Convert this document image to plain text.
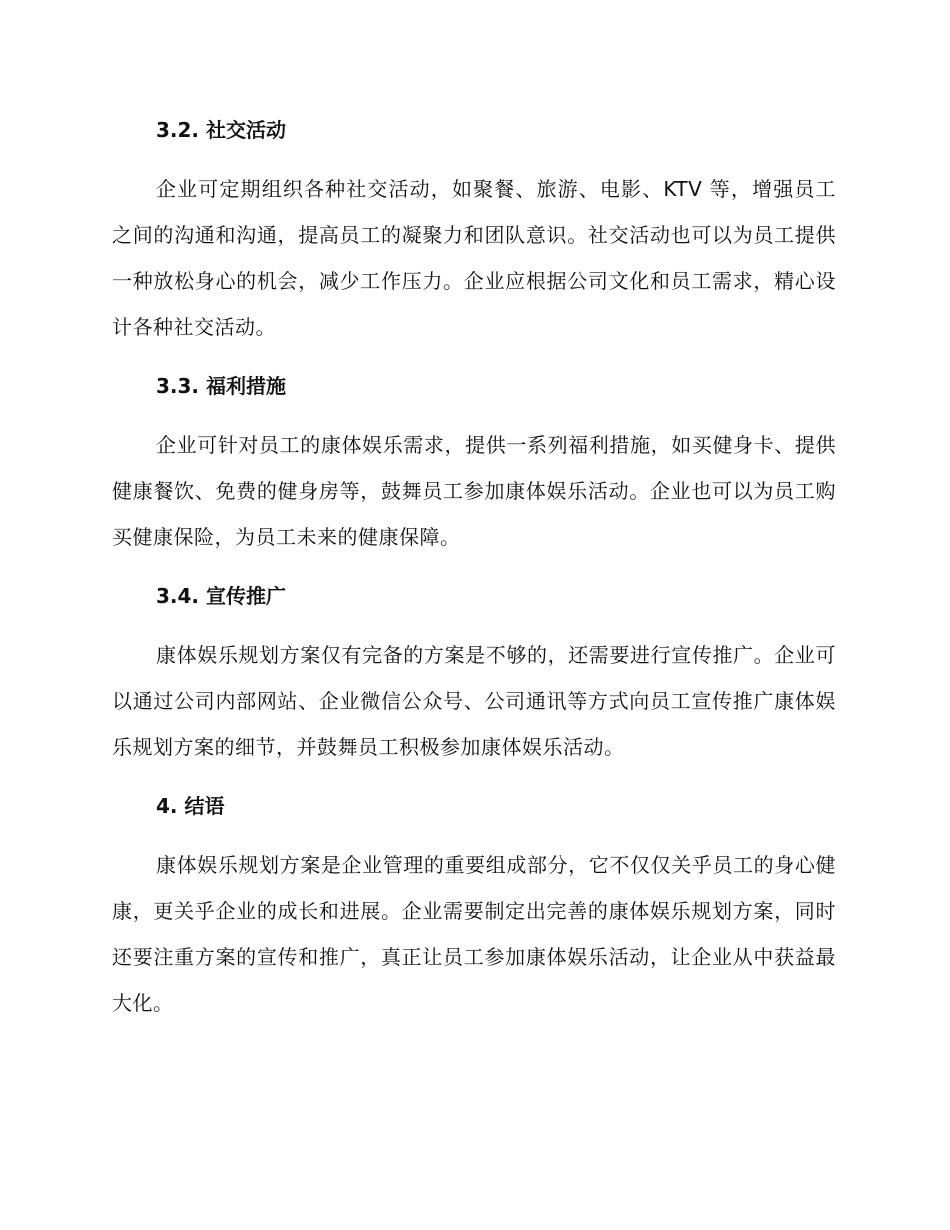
3.2. 社交活动

企业可定期组织各种社交活动，如聚餐、旅游、电影、KTV 等，增强员工之间的沟通和沟通，提高员工的凝聚力和团队意识。社交活动也可以为员工提供一种放松身心的机会，减少工作压力。企业应根据公司文化和员工需求，精心设计各种社交活动。

3.3. 福利措施

企业可针对员工的康体娱乐需求，提供一系列福利措施，如买健身卡、提供健康餐饮、免费的健身房等，鼓舞员工参加康体娱乐活动。企业也可以为员工购买健康保险，为员工未来的健康保障。

3.4. 宣传推广

康体娱乐规划方案仅有完备的方案是不够的，还需要进行宣传推广。企业可以通过公司内部网站、企业微信公众号、公司通讯等方式向员工宣传推广康体娱乐规划方案的细节，并鼓舞员工积极参加康体娱乐活动。

4. 结语

康体娱乐规划方案是企业管理的重要组成部分，它不仅仅关乎员工的身心健康，更关乎企业的成长和进展。企业需要制定出完善的康体娱乐规划方案，同时还要注重方案的宣传和推广，真正让员工参加康体娱乐活动，让企业从中获益最大化。
